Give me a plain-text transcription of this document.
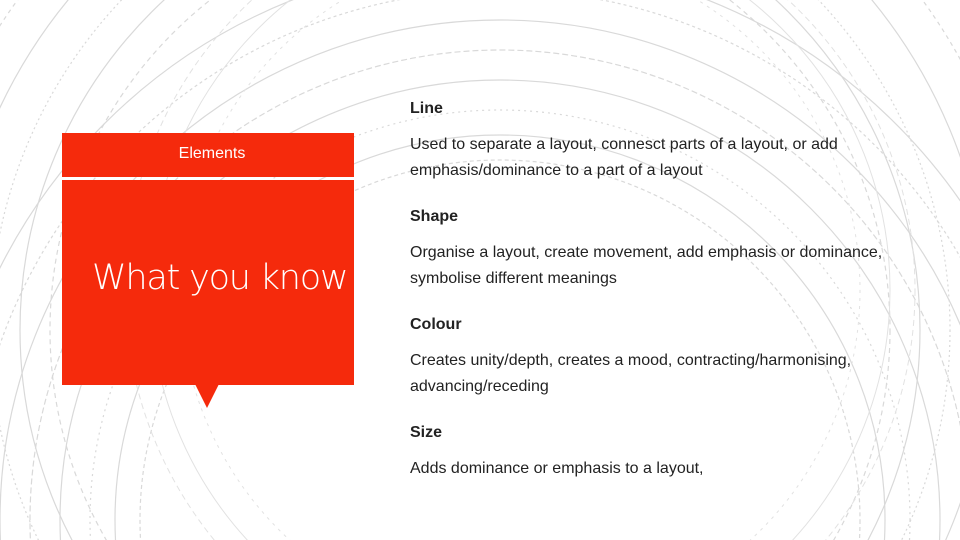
Elements
What you know

Line

Used to separate a layout, connesct parts of a layout, or add emphasis/dominance to a part of a layout

Shape

Organise a layout, create movement, add emphasis or dominance, symbolise different meanings

Colour

Creates unity/depth, creates a mood, contracting/harmonising, advancing/receding

Size

Adds dominance or emphasis to a layout,
